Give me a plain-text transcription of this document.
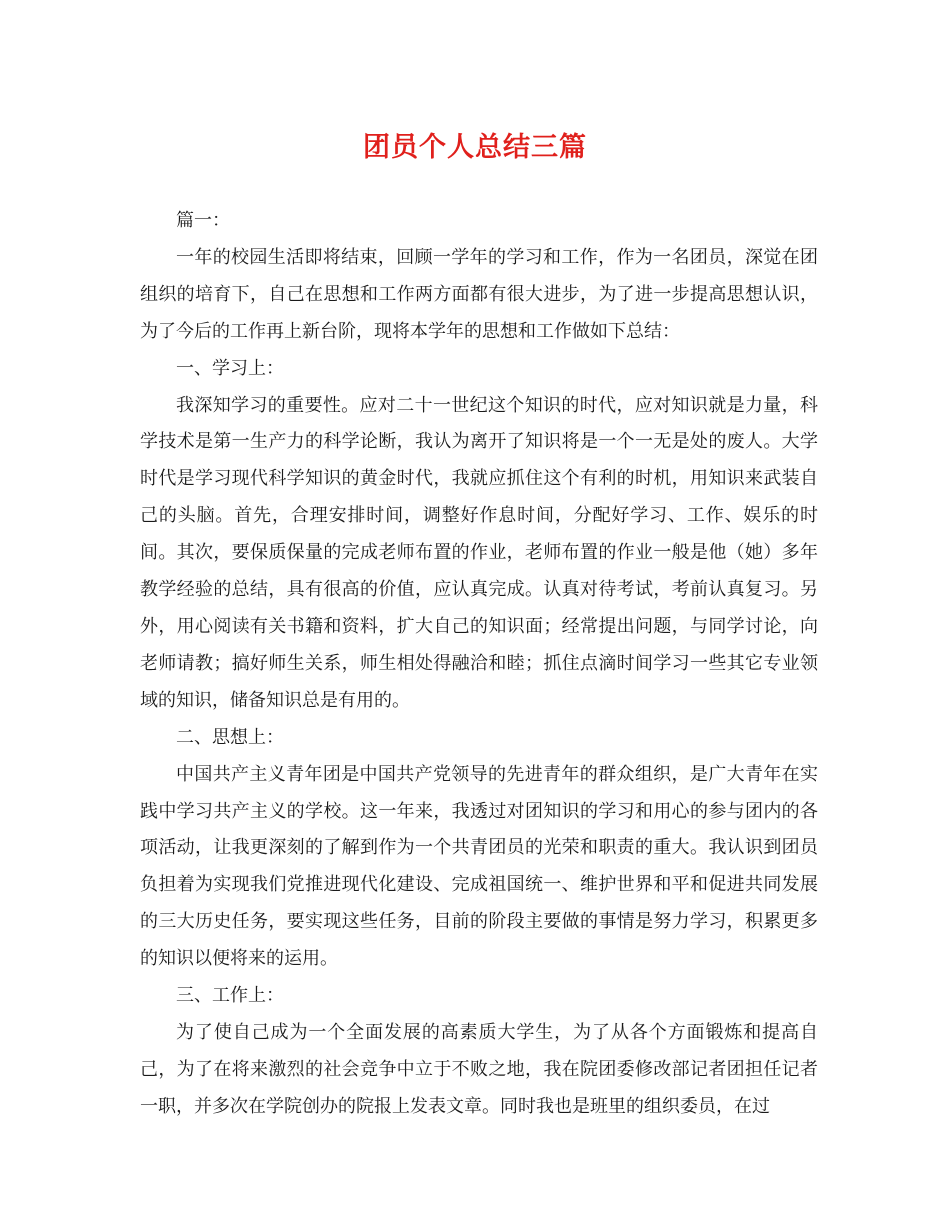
团员个人总结三篇

篇一：

一年的校园生活即将结束，回顾一学年的学习和工作，作为一名团员，深觉在团组织的培育下，自己在思想和工作两方面都有很大进步，为了进一步提高思想认识，为了今后的工作再上新台阶，现将本学年的思想和工作做如下总结：

一、学习上：

我深知学习的重要性。应对二十一世纪这个知识的时代，应对知识就是力量，科学技术是第一生产力的科学论断，我认为离开了知识将是一个一无是处的废人。大学时代是学习现代科学知识的黄金时代，我就应抓住这个有利的时机，用知识来武装自己的头脑。首先，合理安排时间，调整好作息时间，分配好学习、工作、娱乐的时间。其次，要保质保量的完成老师布置的作业，老师布置的作业一般是他（她）多年教学经验的总结，具有很高的价值，应认真完成。认真对待考试，考前认真复习。另外，用心阅读有关书籍和资料，扩大自己的知识面；经常提出问题，与同学讨论，向老师请教；搞好师生关系，师生相处得融洽和睦；抓住点滴时间学习一些其它专业领域的知识，储备知识总是有用的。

二、思想上：

中国共产主义青年团是中国共产党领导的先进青年的群众组织，是广大青年在实践中学习共产主义的学校。这一年来，我透过对团知识的学习和用心的参与团内的各项活动，让我更深刻的了解到作为一个共青团员的光荣和职责的重大。我认识到团员负担着为实现我们党推进现代化建设、完成祖国统一、维护世界和平和促进共同发展的三大历史任务，要实现这些任务，目前的阶段主要做的事情是努力学习，积累更多的知识以便将来的运用。

三、工作上：

为了使自己成为一个全面发展的高素质大学生，为了从各个方面锻炼和提高自己，为了在将来激烈的社会竞争中立于不败之地，我在院团委修改部记者团担任记者一职，并多次在学院创办的院报上发表文章。同时我也是班里的组织委员，在过
